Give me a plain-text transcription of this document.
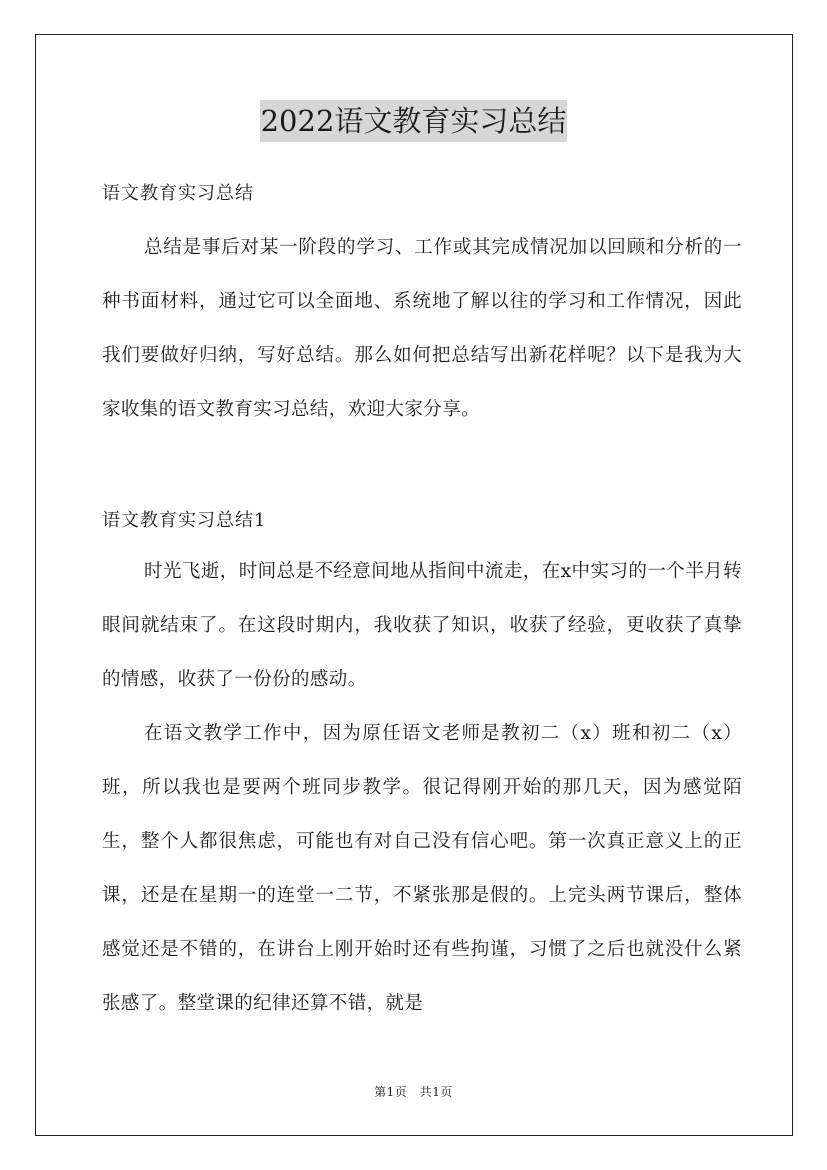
2022语文教育实习总结
语文教育实习总结
总结是事后对某一阶段的学习、工作或其完成情况加以回顾和分析的一种书面材料，通过它可以全面地、系统地了解以往的学习和工作情况，因此我们要做好归纳，写好总结。那么如何把总结写出新花样呢？以下是我为大家收集的语文教育实习总结，欢迎大家分享。
语文教育实习总结1
时光飞逝，时间总是不经意间地从指间中流走，在x中实习的一个半月转眼间就结束了。在这段时期内，我收获了知识，收获了经验，更收获了真挚的情感，收获了一份份的感动。
在语文教学工作中，因为原任语文老师是教初二（x）班和初二（x）班，所以我也是要两个班同步教学。很记得刚开始的那几天，因为感觉陌生，整个人都很焦虑，可能也有对自己没有信心吧。第一次真正意义上的正课，还是在星期一的连堂一二节，不紧张那是假的。上完头两节课后，整体感觉还是不错的，在讲台上刚开始时还有些拘谨，习惯了之后也就没什么紧张感了。整堂课的纪律还算不错，就是
第1页　共1页
